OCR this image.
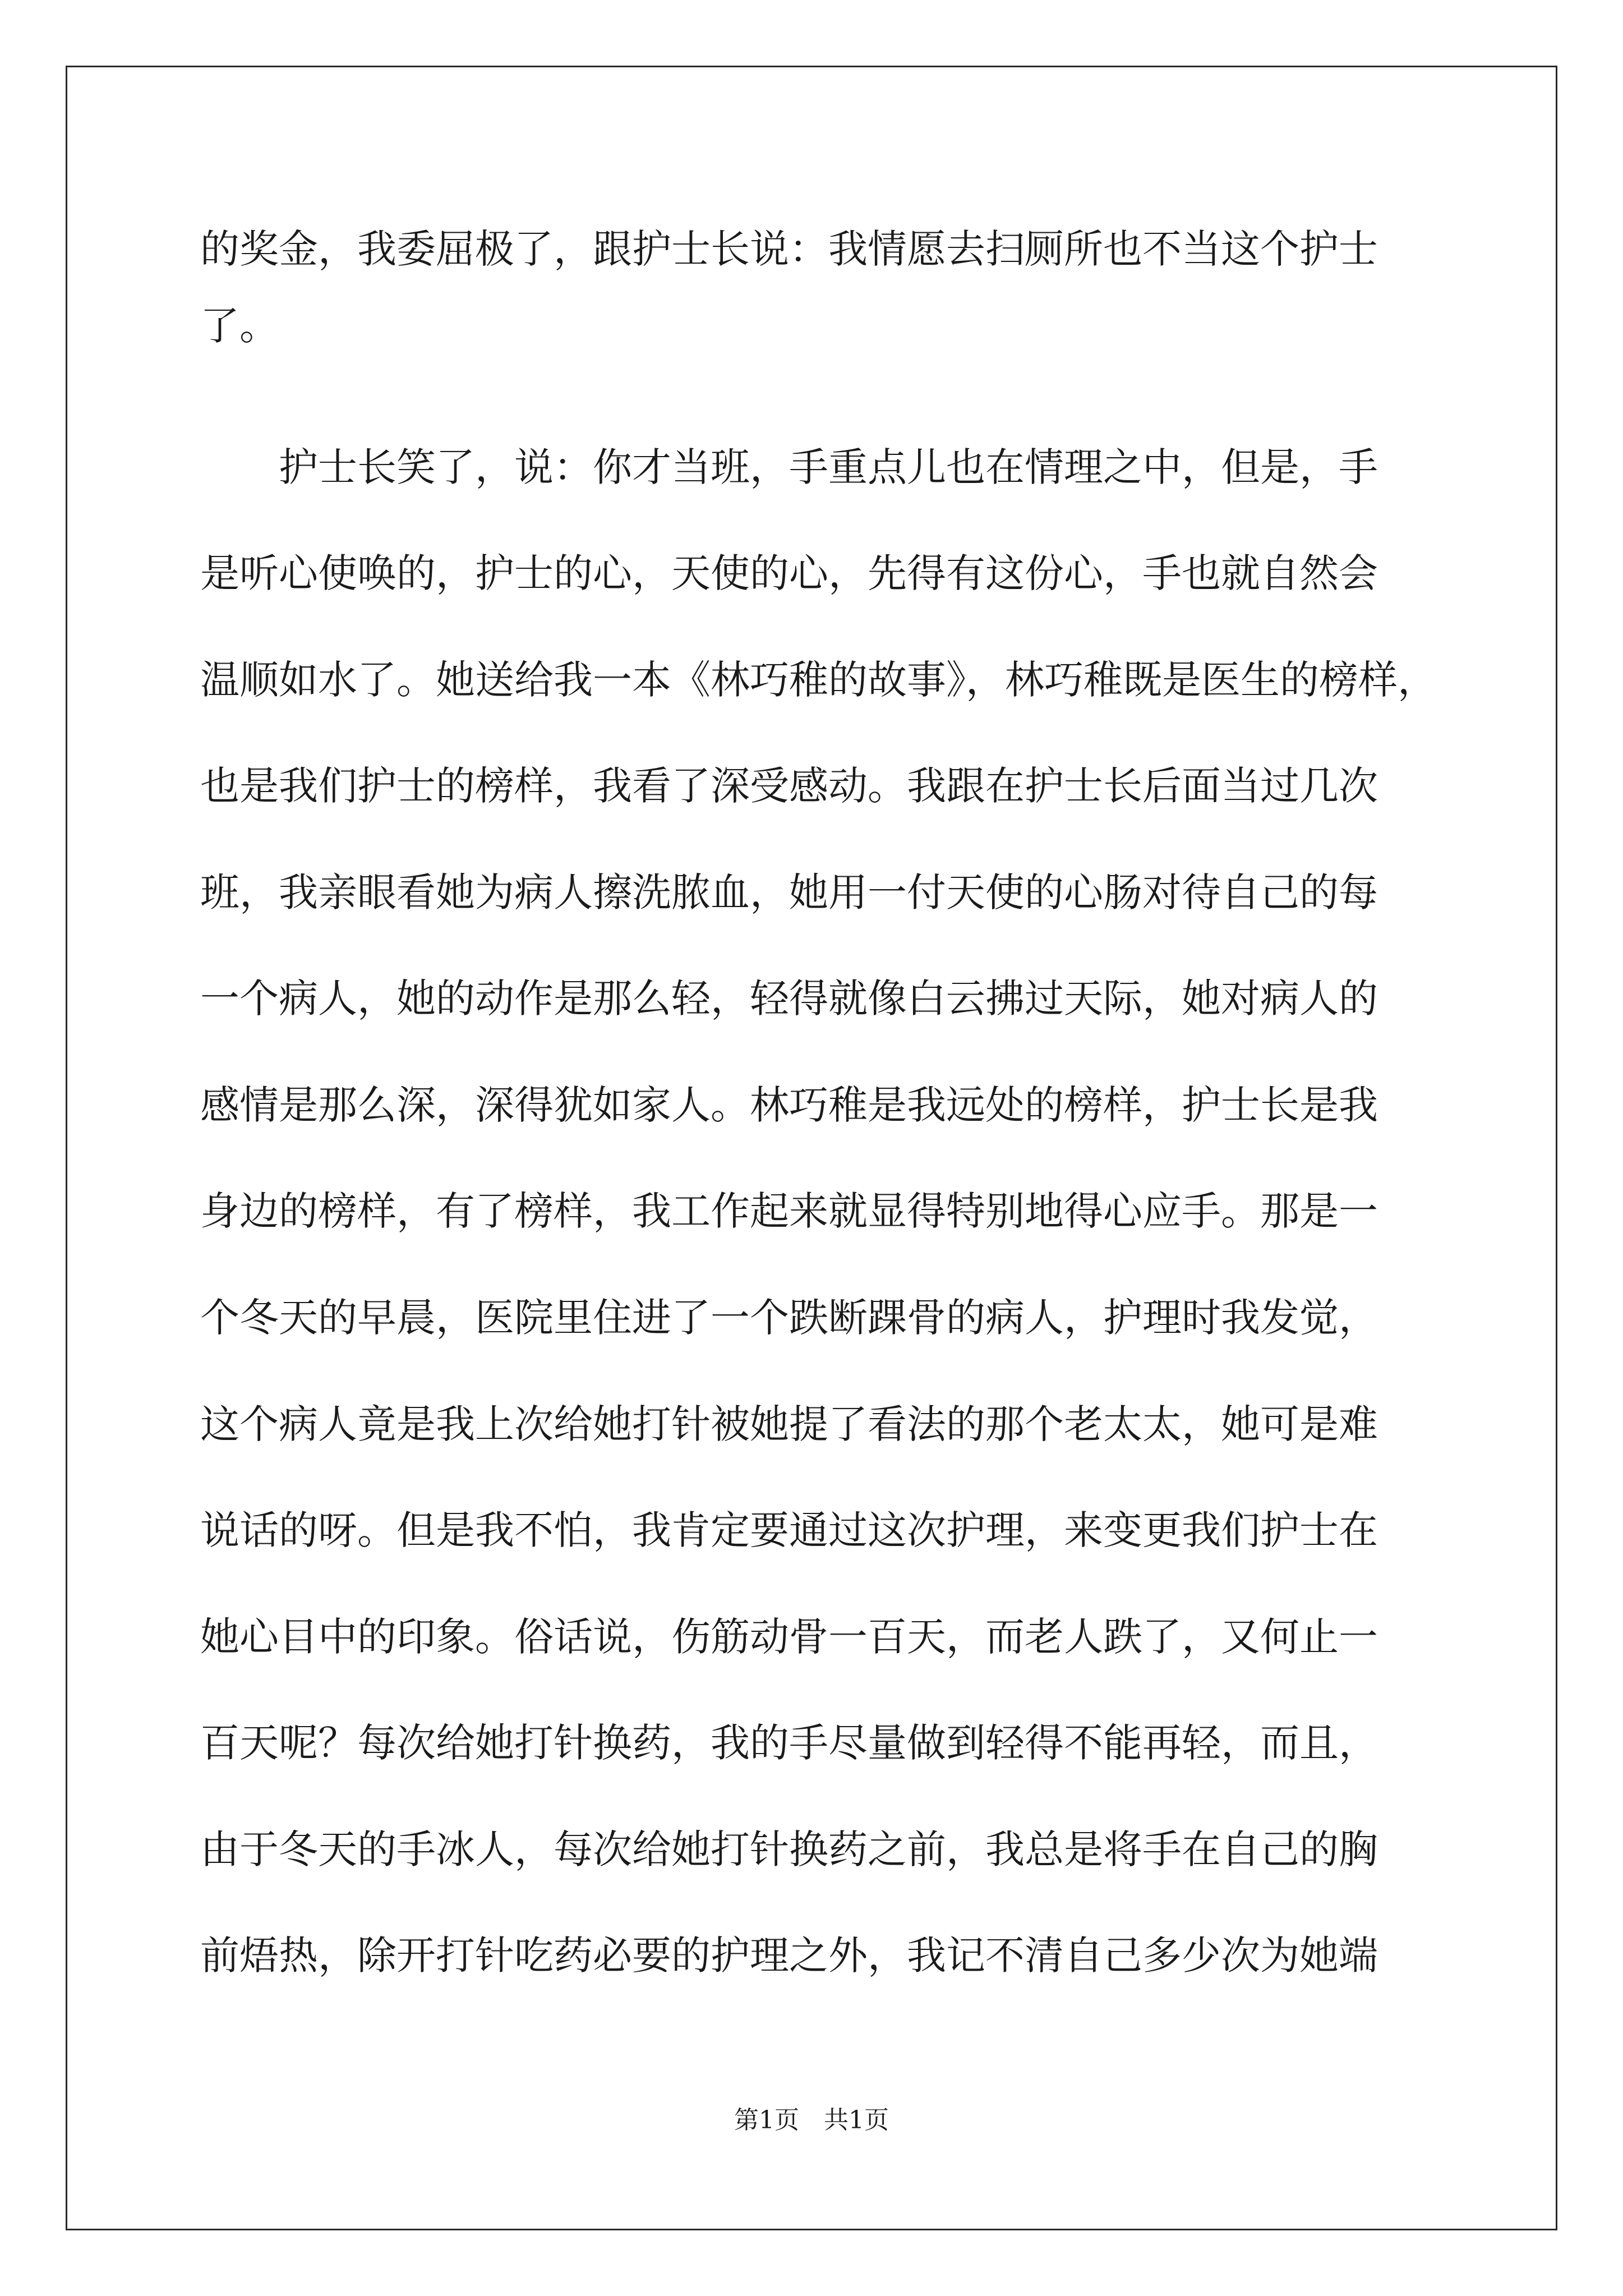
的奖金，我委屈极了，跟护士长说：我情愿去扫厕所也不当这个护士
了。
　　护士长笑了，说：你才当班，手重点儿也在情理之中，但是，手
是听心使唤的，护士的心，天使的心，先得有这份心，手也就自然会
温顺如水了。她送给我一本《林巧稚的故事》，林巧稚既是医生的榜样，
也是我们护士的榜样，我看了深受感动。我跟在护士长后面当过几次
班，我亲眼看她为病人擦洗脓血，她用一付天使的心肠对待自己的每
一个病人，她的动作是那么轻，轻得就像白云拂过天际，她对病人的
感情是那么深，深得犹如家人。林巧稚是我远处的榜样，护士长是我
身边的榜样，有了榜样，我工作起来就显得特别地得心应手。那是一
个冬天的早晨，医院里住进了一个跌断踝骨的病人，护理时我发觉，
这个病人竟是我上次给她打针被她提了看法的那个老太太，她可是难
说话的呀。但是我不怕，我肯定要通过这次护理，来变更我们护士在
她心目中的印象。俗话说，伤筋动骨一百天，而老人跌了，又何止一
百天呢？每次给她打针换药，我的手尽量做到轻得不能再轻，而且，
由于冬天的手冰人，每次给她打针换药之前，我总是将手在自己的胸
前焐热，除开打针吃药必要的护理之外，我记不清自己多少次为她端
第1页　共1页
